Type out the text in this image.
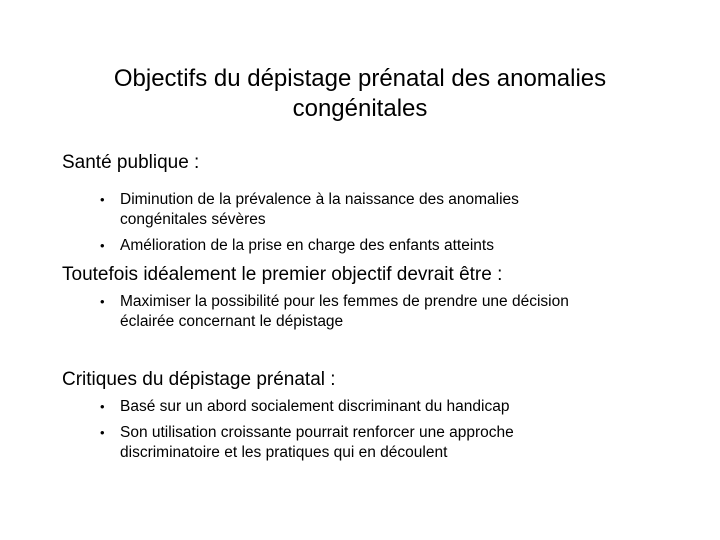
Objectifs du dépistage prénatal des anomalies
congénitales
Santé publique :
• Diminution de la prévalence à la naissance des anomalies
congénitales sévères
• Amélioration de la prise en charge des enfants atteints
Toutefois idéalement le premier objectif devrait être :
• Maximiser la possibilité pour les femmes de prendre une décision
éclairée concernant le dépistage
Critiques du dépistage prénatal :
• Basé sur un abord socialement discriminant du handicap
• Son utilisation croissante pourrait renforcer une approche
discriminatoire et les pratiques qui en découlent
